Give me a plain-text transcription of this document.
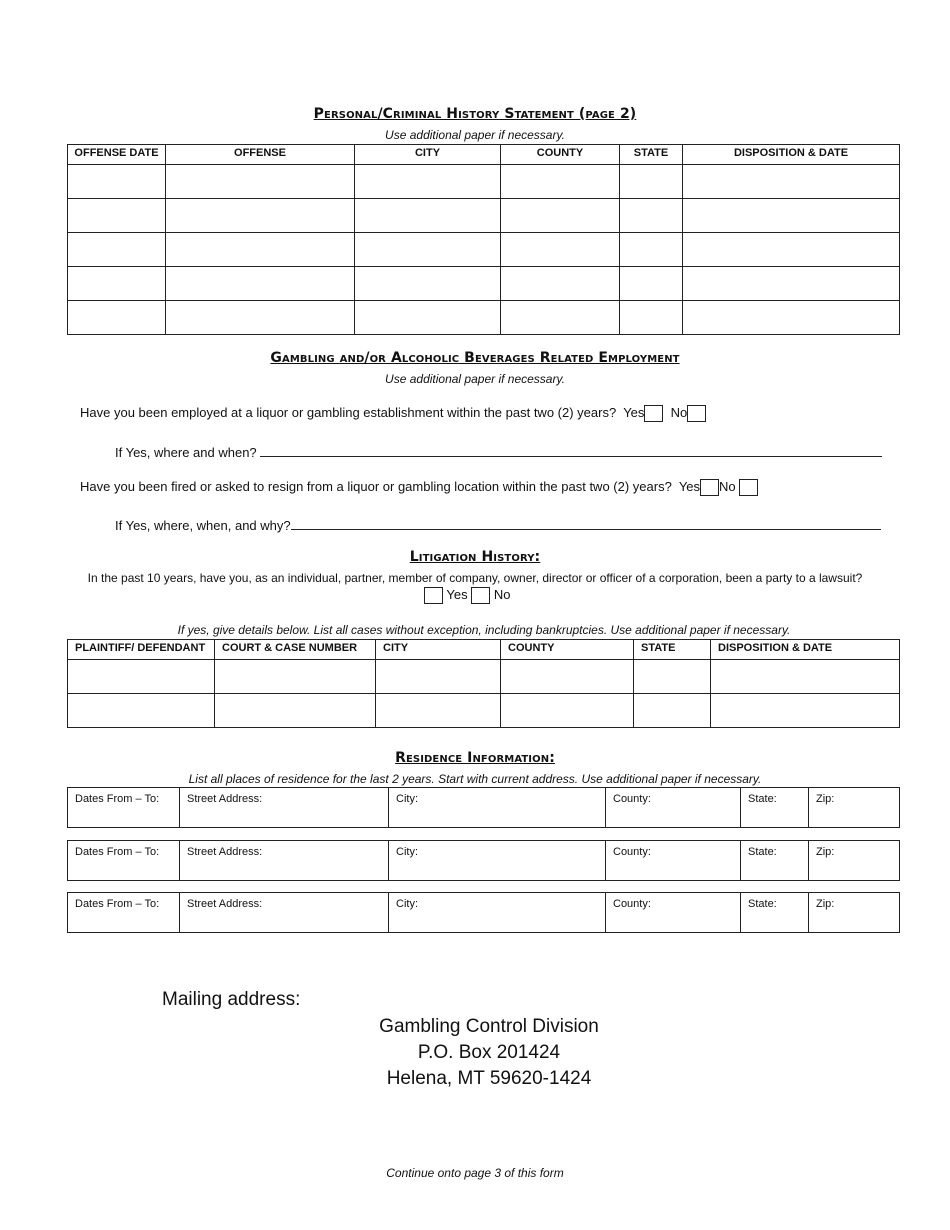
Personal/Criminal History Statement (page 2)
Use additional paper if necessary.
OFFENSE DATE	OFFENSE	CITY	COUNTY	STATE	DISPOSITION & DATE

Gambling and/or Alcoholic Beverages Related Employment
Use additional paper if necessary.
Have you been employed at a liquor or gambling establishment within the past two (2) years? Yes No
If Yes, where and when?
Have you been fired or asked to resign from a liquor or gambling location within the past two (2) years? Yes No
If Yes, where, when, and why?
Litigation History:
In the past 10 years, have you, as an individual, partner, member of company, owner, director or officer of a corporation, been a party to a lawsuit?
Yes No
If yes, give details below. List all cases without exception, including bankruptcies. Use additional paper if necessary.
PLAINTIFF/ DEFENDANT	COURT & CASE NUMBER	CITY	COUNTY	STATE	DISPOSITION & DATE

Residence Information:
List all places of residence for the last 2 years. Start with current address. Use additional paper if necessary.
Dates From – To:	Street Address:	City:	County:	State:	Zip:
Dates From – To:	Street Address:	City:	County:	State:	Zip:
Dates From – To:	Street Address:	City:	County:	State:	Zip:
Mailing address:
Gambling Control Division
P.O. Box 201424
Helena, MT 59620-1424
Continue onto page 3 of this form
